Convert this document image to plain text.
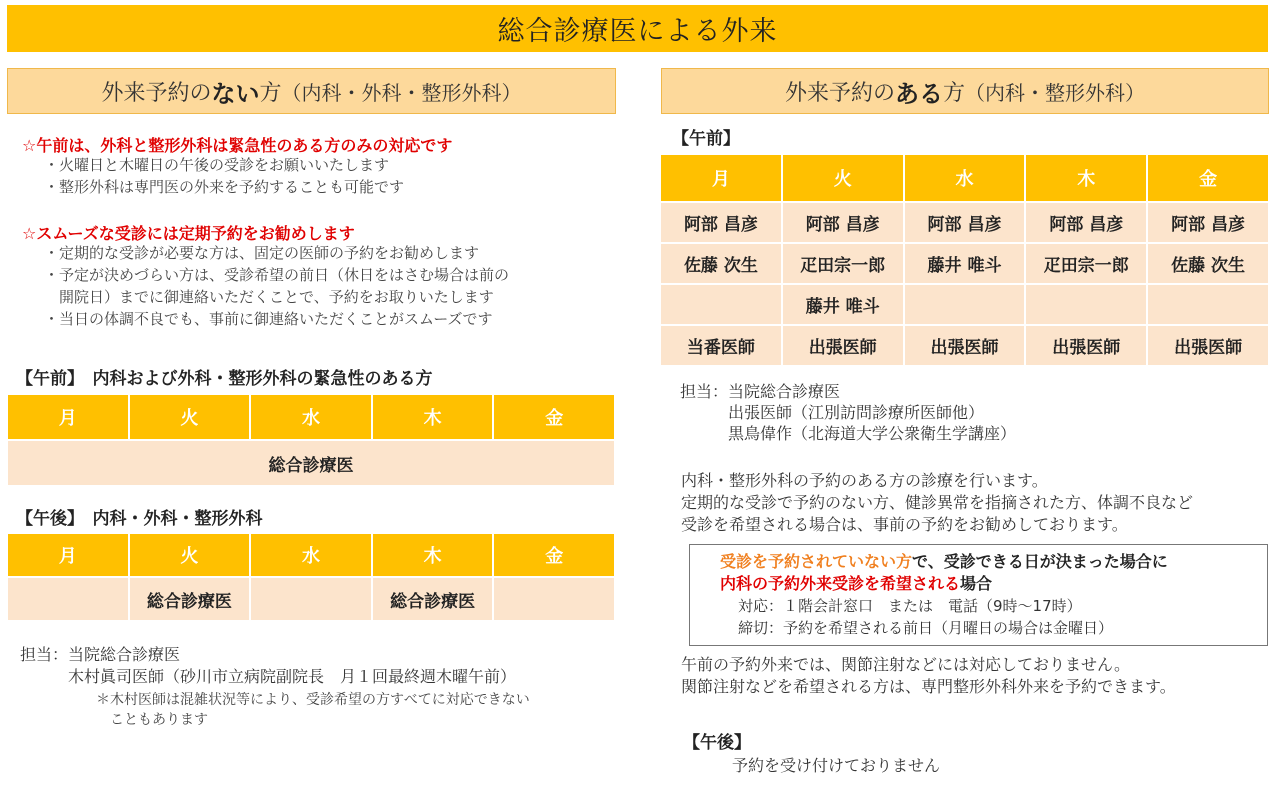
総合診療医による外来
外来予約の ない 方 （内科・外科・整形外科）
☆午前は、外科と整形外科は緊急性のある方のみの対応です
・火曜日と木曜日の午後の受診をお願いいたします
・整形外科は専門医の外来を予約することも可能です
☆スムーズな受診には定期予約をお勧めします
・定期的な受診が必要な方は、固定の医師の予約をお勧めします
・予定が決めづらい方は、受診希望の前日（休日をはさむ場合は前の
　開院日）までに御連絡いただくことで、予約をお取りいたします
・当日の体調不良でも、事前に御連絡いただくことがスムーズです
【午前】　内科および外科・整形外科の緊急性のある方
月	火	水	木	金
総合診療医
【午後】　内科・外科・整形外科
月	火	水	木	金
	総合診療医		総合診療医	
担当：当院総合診療医
　　　木村眞司医師（砂川市立病院副院長　月１回最終週木曜午前）
＊木村医師は混雑状況等により、受診希望の方すべてに対応できない
　こともあります
外来予約の ある 方 （内科・整形外科）
【午前】
月	火	水	木	金
阿部 昌彦	阿部 昌彦	阿部 昌彦	阿部 昌彦	阿部 昌彦
佐藤 次生	疋田宗一郎	藤井 唯斗	疋田宗一郎	佐藤 次生
	藤井 唯斗			
当番医師	出張医師	出張医師	出張医師	出張医師
担当：当院総合診療医
　　　出張医師（江別訪問診療所医師他）
　　　黒鳥偉作（北海道大学公衆衛生学講座）
内科・整形外科の予約のある方の診療を行います。
定期的な受診で予約のない方、健診異常を指摘された方、体調不良など
受診を希望される場合は、事前の予約をお勧めしております。
受診を予約されていない方で、受診できる日が決まった場合に
内科の予約外来受診を希望される場合
対応：１階会計窓口　または　電話（9時～17時）
締切：予約を希望される前日（月曜日の場合は金曜日）
午前の予約外来では、関節注射などには対応しておりません。
関節注射などを希望される方は、専門整形外科外来を予約できます。
【午後】
予約を受け付けておりません
